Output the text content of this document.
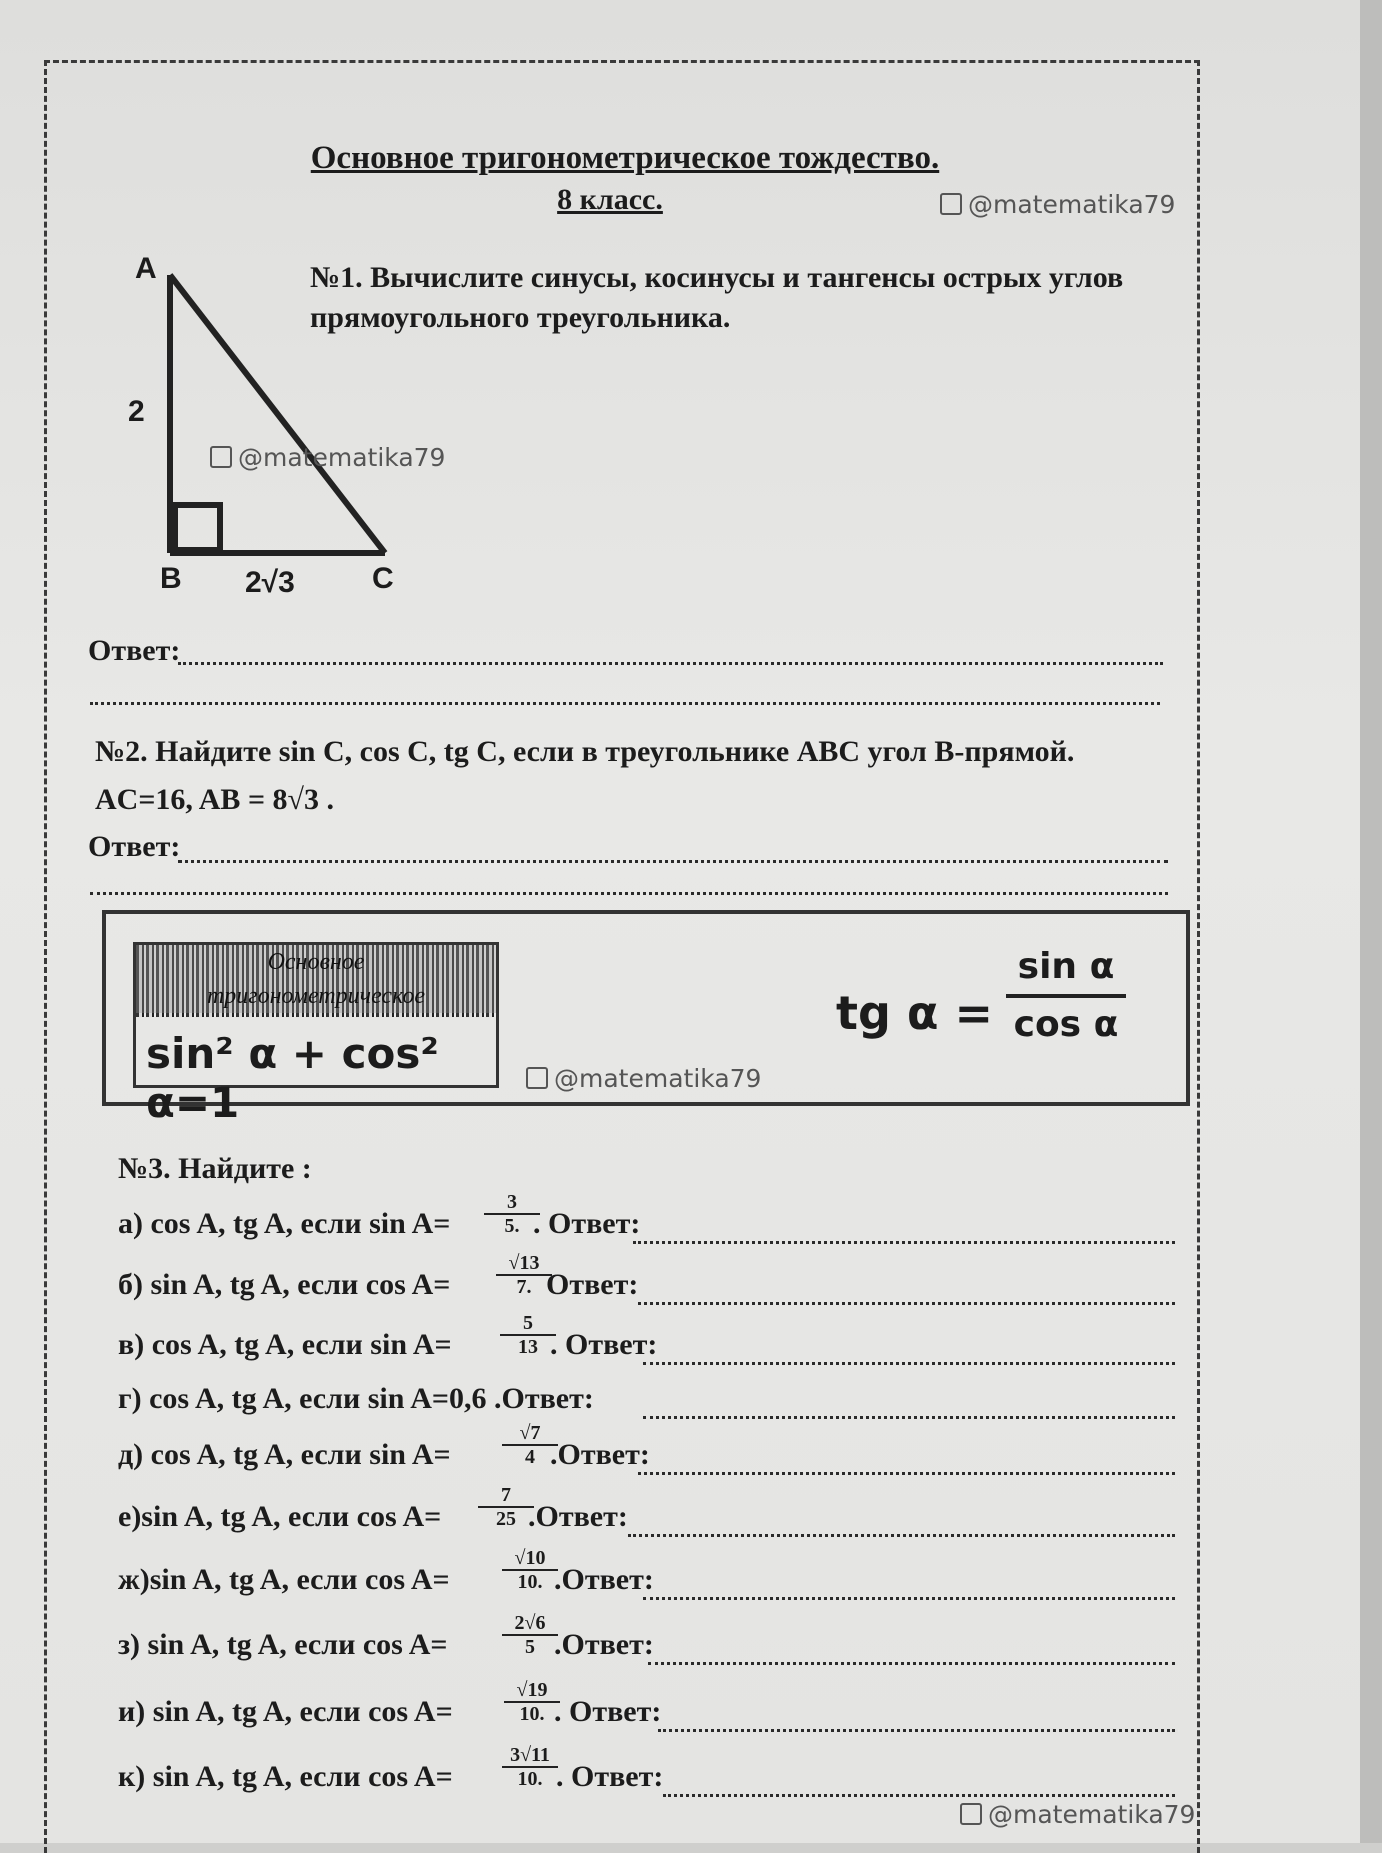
Основное тригонометрическое тождество.
8 класс.	@matematika79
№1. Вычислите синусы, косинусы и тангенсы острых углов прямоугольного треугольника.
A
B	C
2
2√3
@matematika79
Ответ:
№2. Найдите sin C, cos C, tg C, если в треугольнике ABC угол B-прямой.
AC=16, AB = 8√3 .
Ответ:
Основное
тригонометрическое
sin² α + cos² α=1	@matematika79
tg α =
sin α
cos α
№3. Найдите :
а) cos A, tg A, если sin A=
3
5. . Ответ:
б) sin A, tg A, если cos A=
√13
7. Ответ:
в) cos A, tg A, если sin A=
5
13 . Ответ:
г) cos A, tg A, если sin A=0,6 .Ответ:
д) cos A, tg A, если sin A=
√7
4 .Ответ:
е)sin A, tg A, если cos A=
7
25 .Ответ:
ж)sin A, tg A, если cos A=
√10
10. .Ответ:
з) sin A, tg A, если cos A=
2√6
5 .Ответ:
и) sin A, tg A, если cos A=
√19
10. . Ответ:
к) sin A, tg A, если cos A=
3√11
10. . Ответ:
@matematika79
